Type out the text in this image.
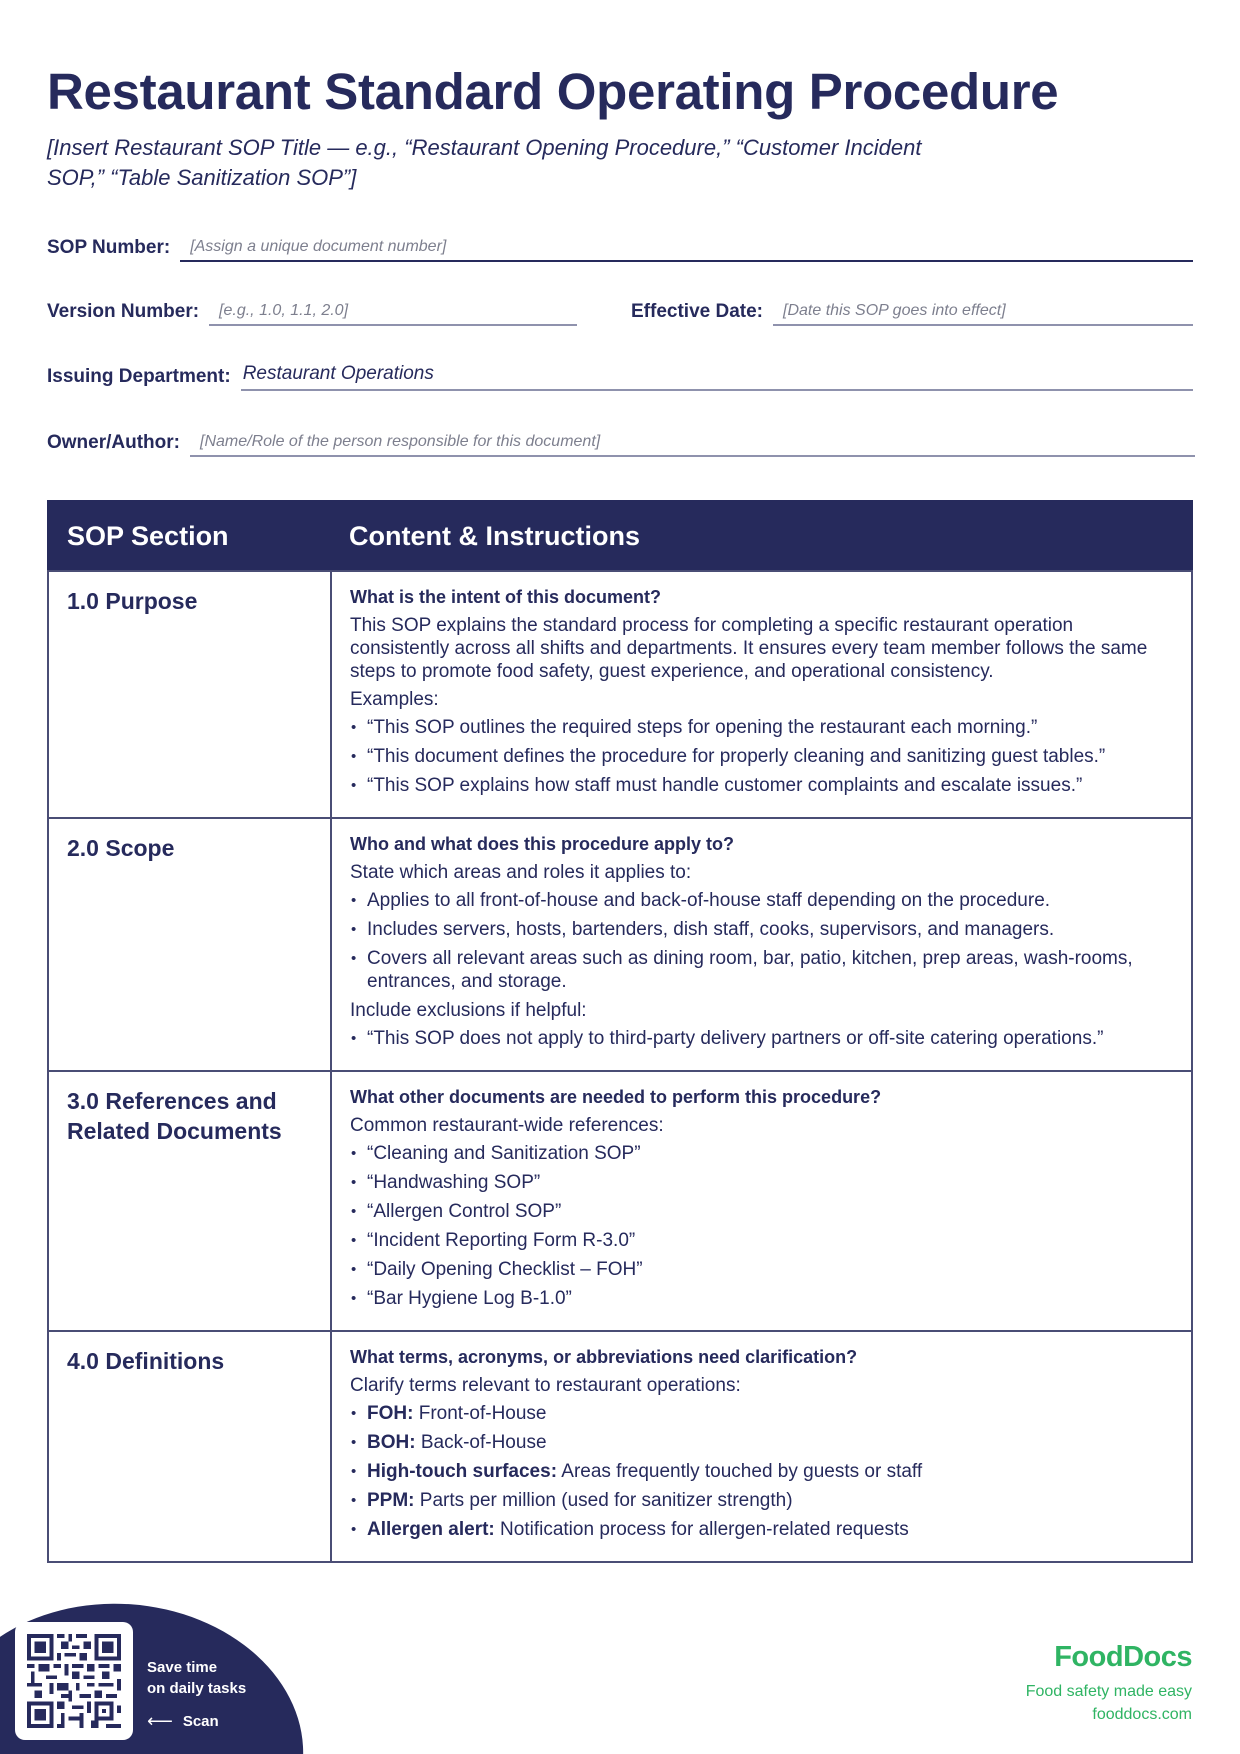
Restaurant Standard Operating Procedure
[Insert Restaurant SOP Title — e.g., “Restaurant Opening Procedure,” “Customer Incident SOP,” “Table Sanitization SOP”]
SOP Number: [Assign a unique document number]
Version Number: [e.g., 1.0, 1.1, 2.0]	Effective Date: [Date this SOP goes into effect]
Issuing Department: Restaurant Operations
Owner/Author: [Name/Role of the person responsible for this document]
SOP Section	Content & Instructions
1.0 Purpose	What is the intent of this document?
This SOP explains the standard process for completing a specific restaurant operation consistently across all shifts and departments. It ensures every team member follows the same steps to promote food safety, guest experience, and operational consistency.
Examples:
• “This SOP outlines the required steps for opening the restaurant each morning.”
• “This document defines the procedure for properly cleaning and sanitizing guest tables.”
• “This SOP explains how staff must handle customer complaints and escalate issues.”

2.0 Scope	Who and what does this procedure apply to?
State which areas and roles it applies to:
• Applies to all front-of-house and back-of-house staff depending on the procedure.
• Includes servers, hosts, bartenders, dish staff, cooks, supervisors, and managers.
• Covers all relevant areas such as dining room, bar, patio, kitchen, prep areas, wash-rooms, entrances, and storage.
Include exclusions if helpful:
• “This SOP does not apply to third-party delivery partners or off-site catering operations.”

3.0 References and Related Documents	
What other documents are needed to perform this procedure?
Common restaurant-wide references:
• “Cleaning and Sanitization SOP”
• “Handwashing SOP”
• “Allergen Control SOP”
• “Incident Reporting Form R-3.0”
• “Daily Opening Checklist – FOH”
• “Bar Hygiene Log B-1.0”

4.0 Definitions	What terms, acronyms, or abbreviations need clarification?
Clarify terms relevant to restaurant operations:
• FOH: Front-of-House
• BOH: Back-of-House
• High-touch surfaces: Areas frequently touched by guests or staff
• PPM: Parts per million (used for sanitizer strength)
• Allergen alert: Notification process for allergen-related requests
Save time
on daily tasks
⟵ Scan
FoodDocs
Food safety made easy
fooddocs.com
